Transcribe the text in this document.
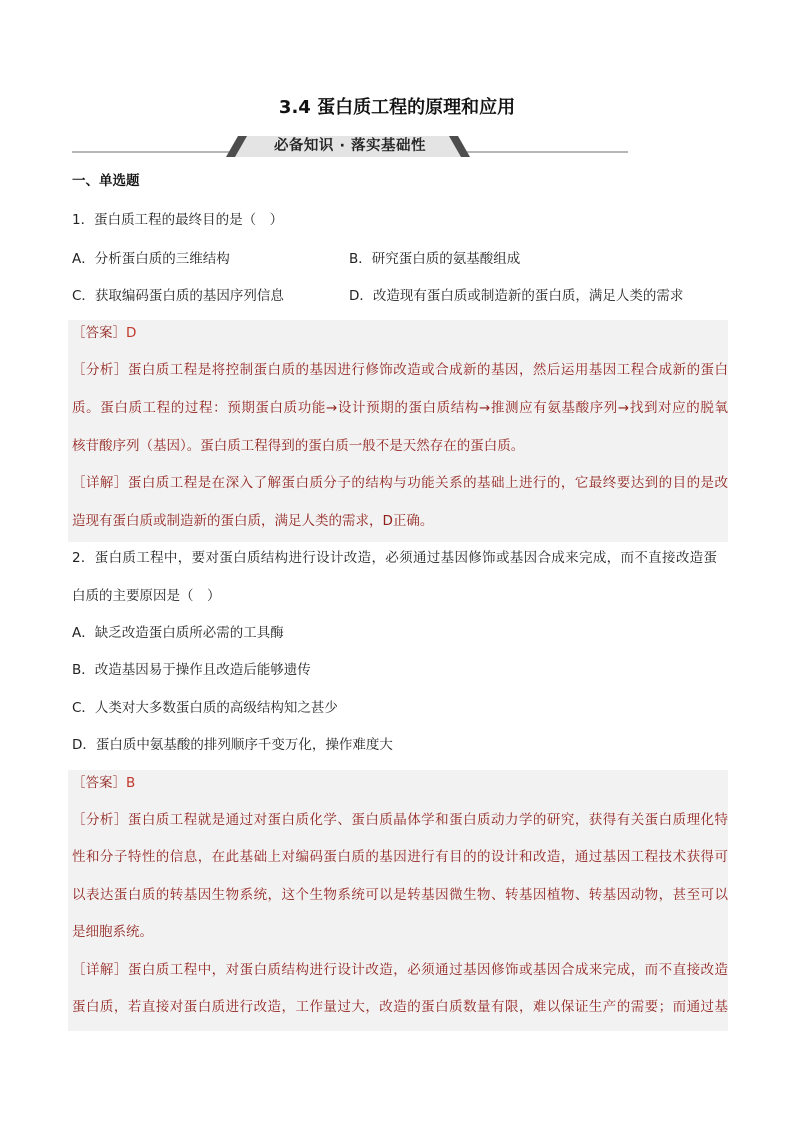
3.4 蛋白质工程的原理和应用
必备知识 · 落实基础性
一、单选题
1．蛋白质工程的最终目的是（　）
A．分析蛋白质的三维结构	B．研究蛋白质的氨基酸组成
C．获取编码蛋白质的基因序列信息	D．改造现有蛋白质或制造新的蛋白质，满足人类的需求
［答案］D
［分析］蛋白质工程是将控制蛋白质的基因进行修饰改造或合成新的基因，然后运用基因工程合成新的蛋白
质。蛋白质工程的过程：预期蛋白质功能→设计预期的蛋白质结构→推测应有氨基酸序列→找到对应的脱氧
核苷酸序列（基因）。蛋白质工程得到的蛋白质一般不是天然存在的蛋白质。
［详解］蛋白质工程是在深入了解蛋白质分子的结构与功能关系的基础上进行的，它最终要达到的目的是改
造现有蛋白质或制造新的蛋白质，满足人类的需求，D正确。
2．蛋白质工程中，要对蛋白质结构进行设计改造，必须通过基因修饰或基因合成来完成，而不直接改造蛋
白质的主要原因是（　）
A．缺乏改造蛋白质所必需的工具酶
B．改造基因易于操作且改造后能够遗传
C．人类对大多数蛋白质的高级结构知之甚少
D．蛋白质中氨基酸的排列顺序千变万化，操作难度大
［答案］B
［分析］蛋白质工程就是通过对蛋白质化学、蛋白质晶体学和蛋白质动力学的研究，获得有关蛋白质理化特
性和分子特性的信息，在此基础上对编码蛋白质的基因进行有目的的设计和改造，通过基因工程技术获得可
以表达蛋白质的转基因生物系统，这个生物系统可以是转基因微生物、转基因植物、转基因动物，甚至可以
是细胞系统。
［详解］蛋白质工程中，对蛋白质结构进行设计改造，必须通过基因修饰或基因合成来完成，而不直接改造
蛋白质，若直接对蛋白质进行改造，工作量过大，改造的蛋白质数量有限，难以保证生产的需要；而通过基
